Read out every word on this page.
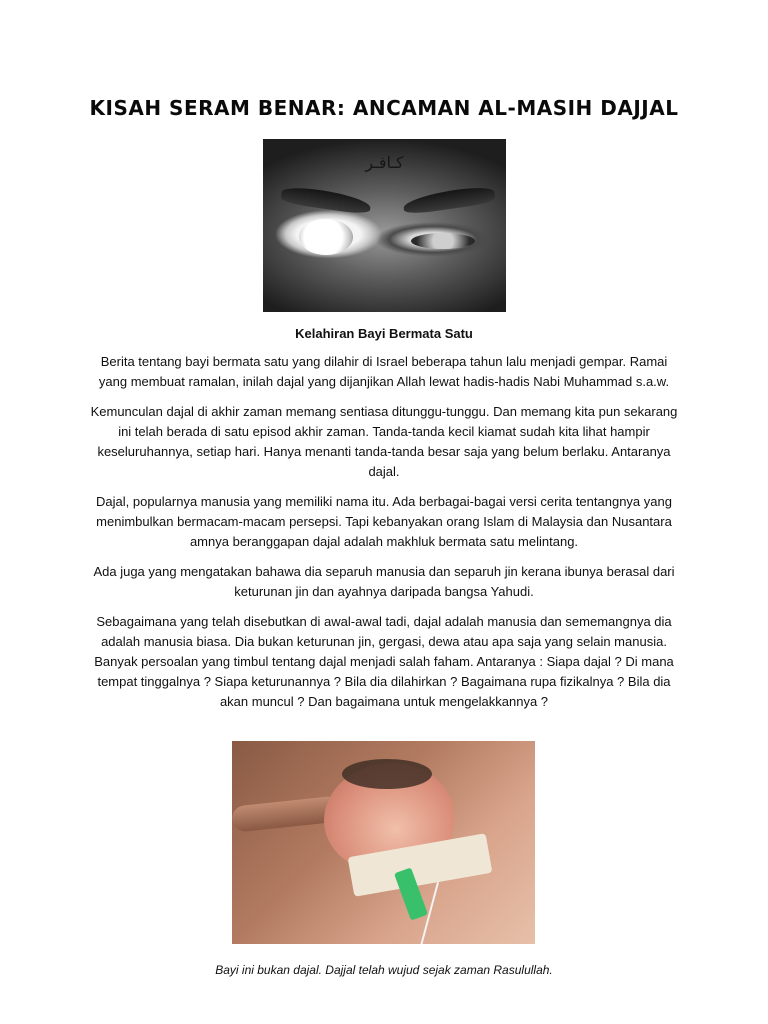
KISAH SERAM BENAR: ANCAMAN AL-MASIH DAJJAL
كـافـر
Kelahiran Bayi Bermata Satu

Berita tentang bayi bermata satu yang dilahir di Israel beberapa tahun lalu menjadi gempar. Ramai yang membuat ramalan, inilah dajal yang dijanjikan Allah lewat hadis-hadis Nabi Muhammad s.a.w.

Kemunculan dajal di akhir zaman memang sentiasa ditunggu-tunggu. Dan memang kita pun sekarang ini telah berada di satu episod akhir zaman. Tanda-tanda kecil kiamat sudah kita lihat hampir keseluruhannya, setiap hari. Hanya menanti tanda-tanda besar saja yang belum berlaku. Antaranya dajal.

Dajal, popularnya manusia yang memiliki nama itu. Ada berbagai-bagai versi cerita tentangnya yang menimbulkan bermacam-macam persepsi. Tapi kebanyakan orang Islam di Malaysia dan Nusantara amnya beranggapan dajal adalah makhluk bermata satu melintang.

Ada juga yang mengatakan bahawa dia separuh manusia dan separuh jin kerana ibunya berasal dari keturunan jin dan ayahnya daripada bangsa Yahudi.

Sebagaimana yang telah disebutkan di awal-awal tadi, dajal adalah manusia dan sememangnya dia adalah manusia biasa. Dia bukan keturunan jin, gergasi, dewa atau apa saja yang selain manusia. Banyak persoalan yang timbul tentang dajal menjadi salah faham. Antaranya : Siapa dajal ? Di mana tempat tinggalnya ? Siapa keturunannya ? Bila dia dilahirkan ? Bagaimana rupa fizikalnya ? Bila dia akan muncul ? Dan bagaimana untuk mengelakkannya ?

Bayi ini bukan dajal. Dajjal telah wujud sejak zaman Rasulullah.
